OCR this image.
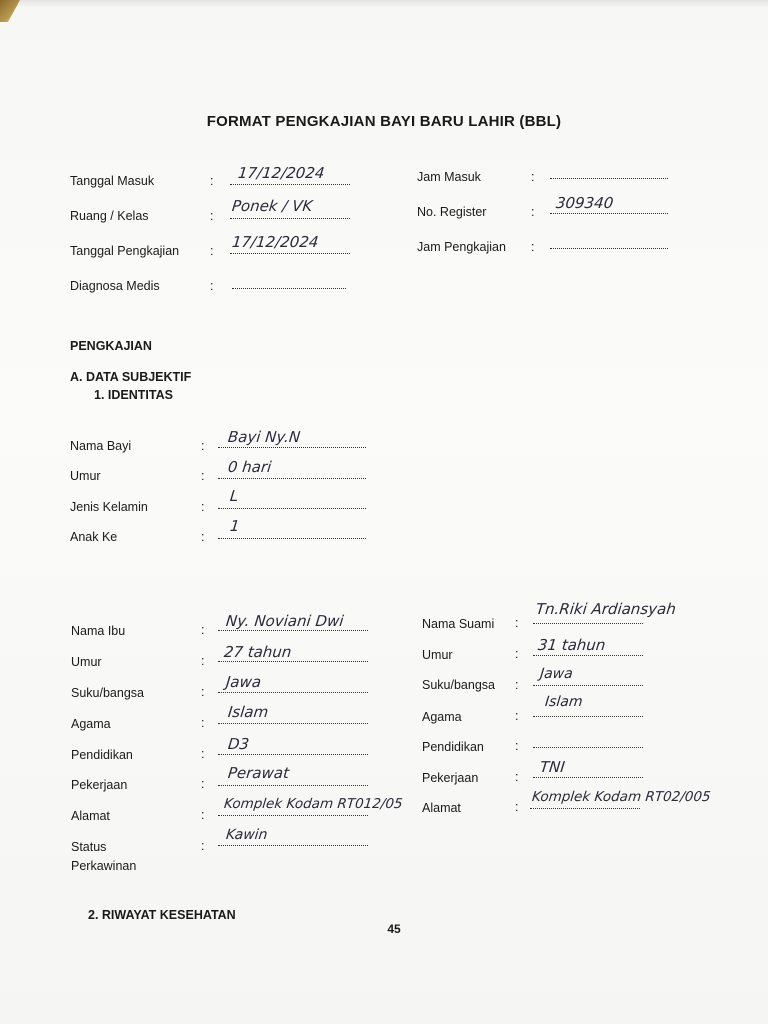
FORMAT PENGKAJIAN BAYI BARU LAHIR (BBL)
Tanggal Masuk	: 17/12/2024
Ruang / Kelas	:
Ponek / VK
Tanggal Pengkajian : 17/12/2024
Diagnosa Medis	:
Jam Masuk	:
No. Register	: 309340
Jam Pengkajian :
PENGKAJIAN
A. DATA SUBJEKTIF
1. IDENTITAS
Nama Bayi	: Bayi Ny.N
Umur	: 0 hari
Jenis Kelamin	:
L
Anak Ke	:
1
Nama Ibu	: Ny. Noviani Dwi
Umur	: 27 tahun
Suku/bangsa	:
Jawa
Agama	:
Islam
Pendidikan	:
D3
Pekerjaan	:
Perawat
Alamat	:
Komplek Kodam RT012/05
Status
Perkawinan
:
Kawin
Nama Suami :
Tn.Riki Ardiansyah
Umur	: 31 tahun
Suku/bangsa :
Jawa
Agama	:
Islam
Pendidikan :
Pekerjaan	:
TNI
Alamat	:
Komplek Kodam RT02/005
2. RIWAYAT KESEHATAN
45
